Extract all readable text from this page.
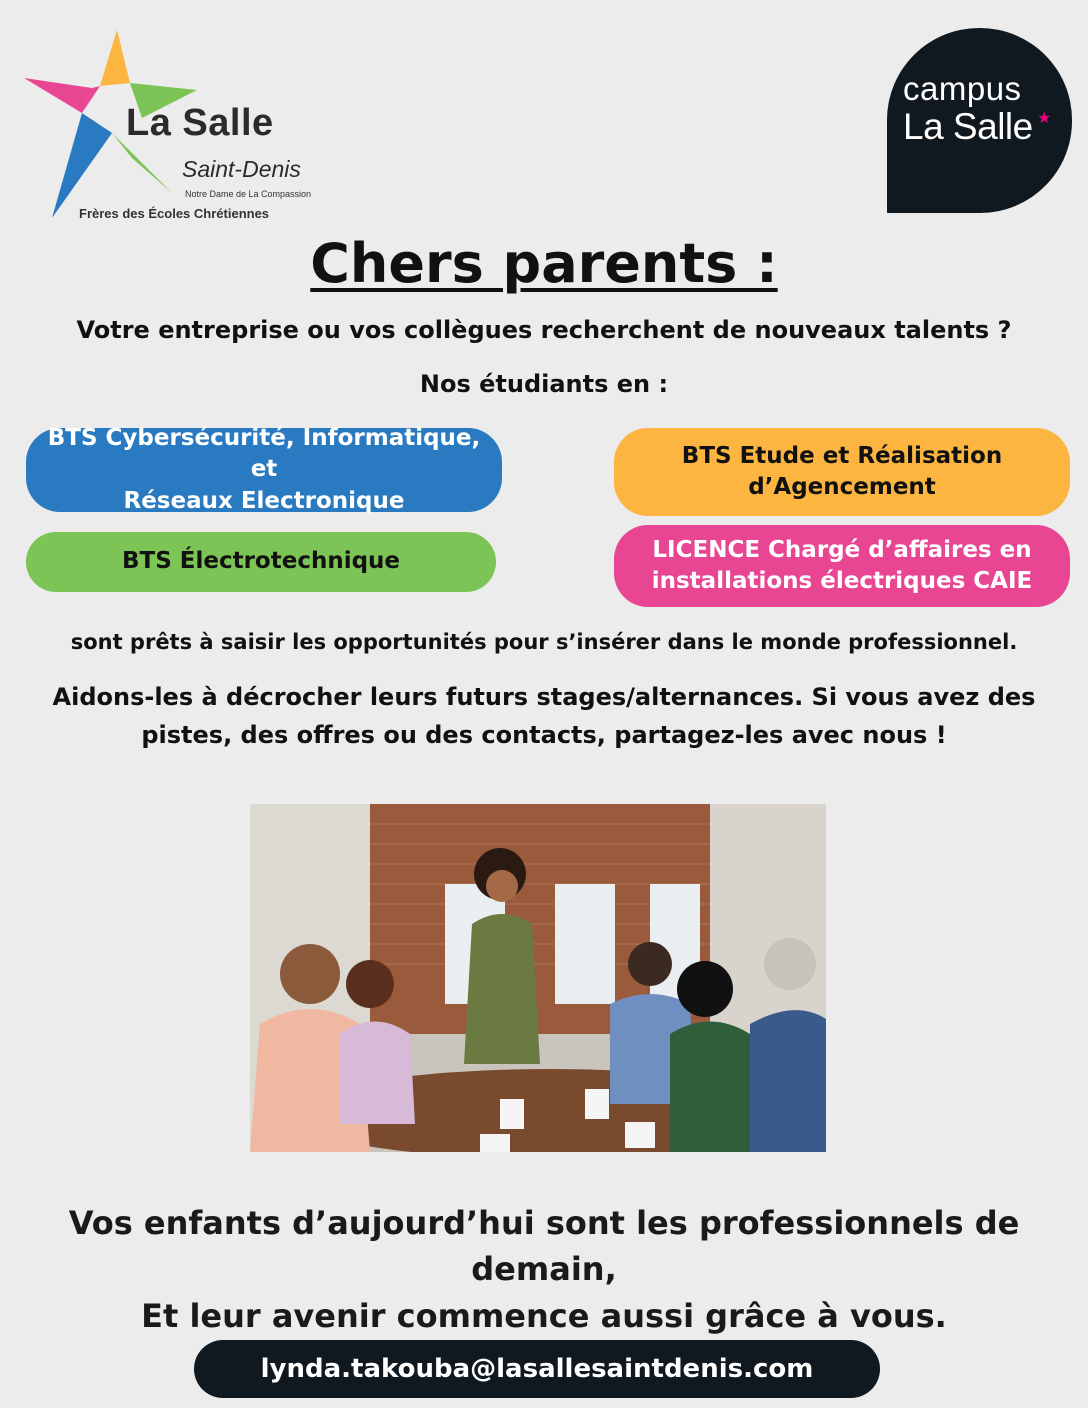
La Salle
Saint-Denis
Notre Dame de La Compassion
Frères des Écoles Chrétiennes
campus
La Salle ★
Chers parents :

Votre entreprise ou vos collègues recherchent de nouveaux talents ?

Nos étudiants en :

BTS Cybersécurité, Informatique, et
Réseaux Electronique
BTS Etude et Réalisation
d’Agencement
BTS Électrotechnique	LICENCE Chargé d’affaires en
installations électriques CAIE

sont prêts à saisir les opportunités pour s’insérer dans le monde professionnel.

Aidons-les à décrocher leurs futurs stages/alternances. Si vous avez des
pistes, des offres ou des contacts, partagez-les avec nous !
Vos enfants d’aujourd’hui sont les professionnels de demain,
Et leur avenir commence aussi grâce à vous.
lynda.takouba@lasallesaintdenis.com
